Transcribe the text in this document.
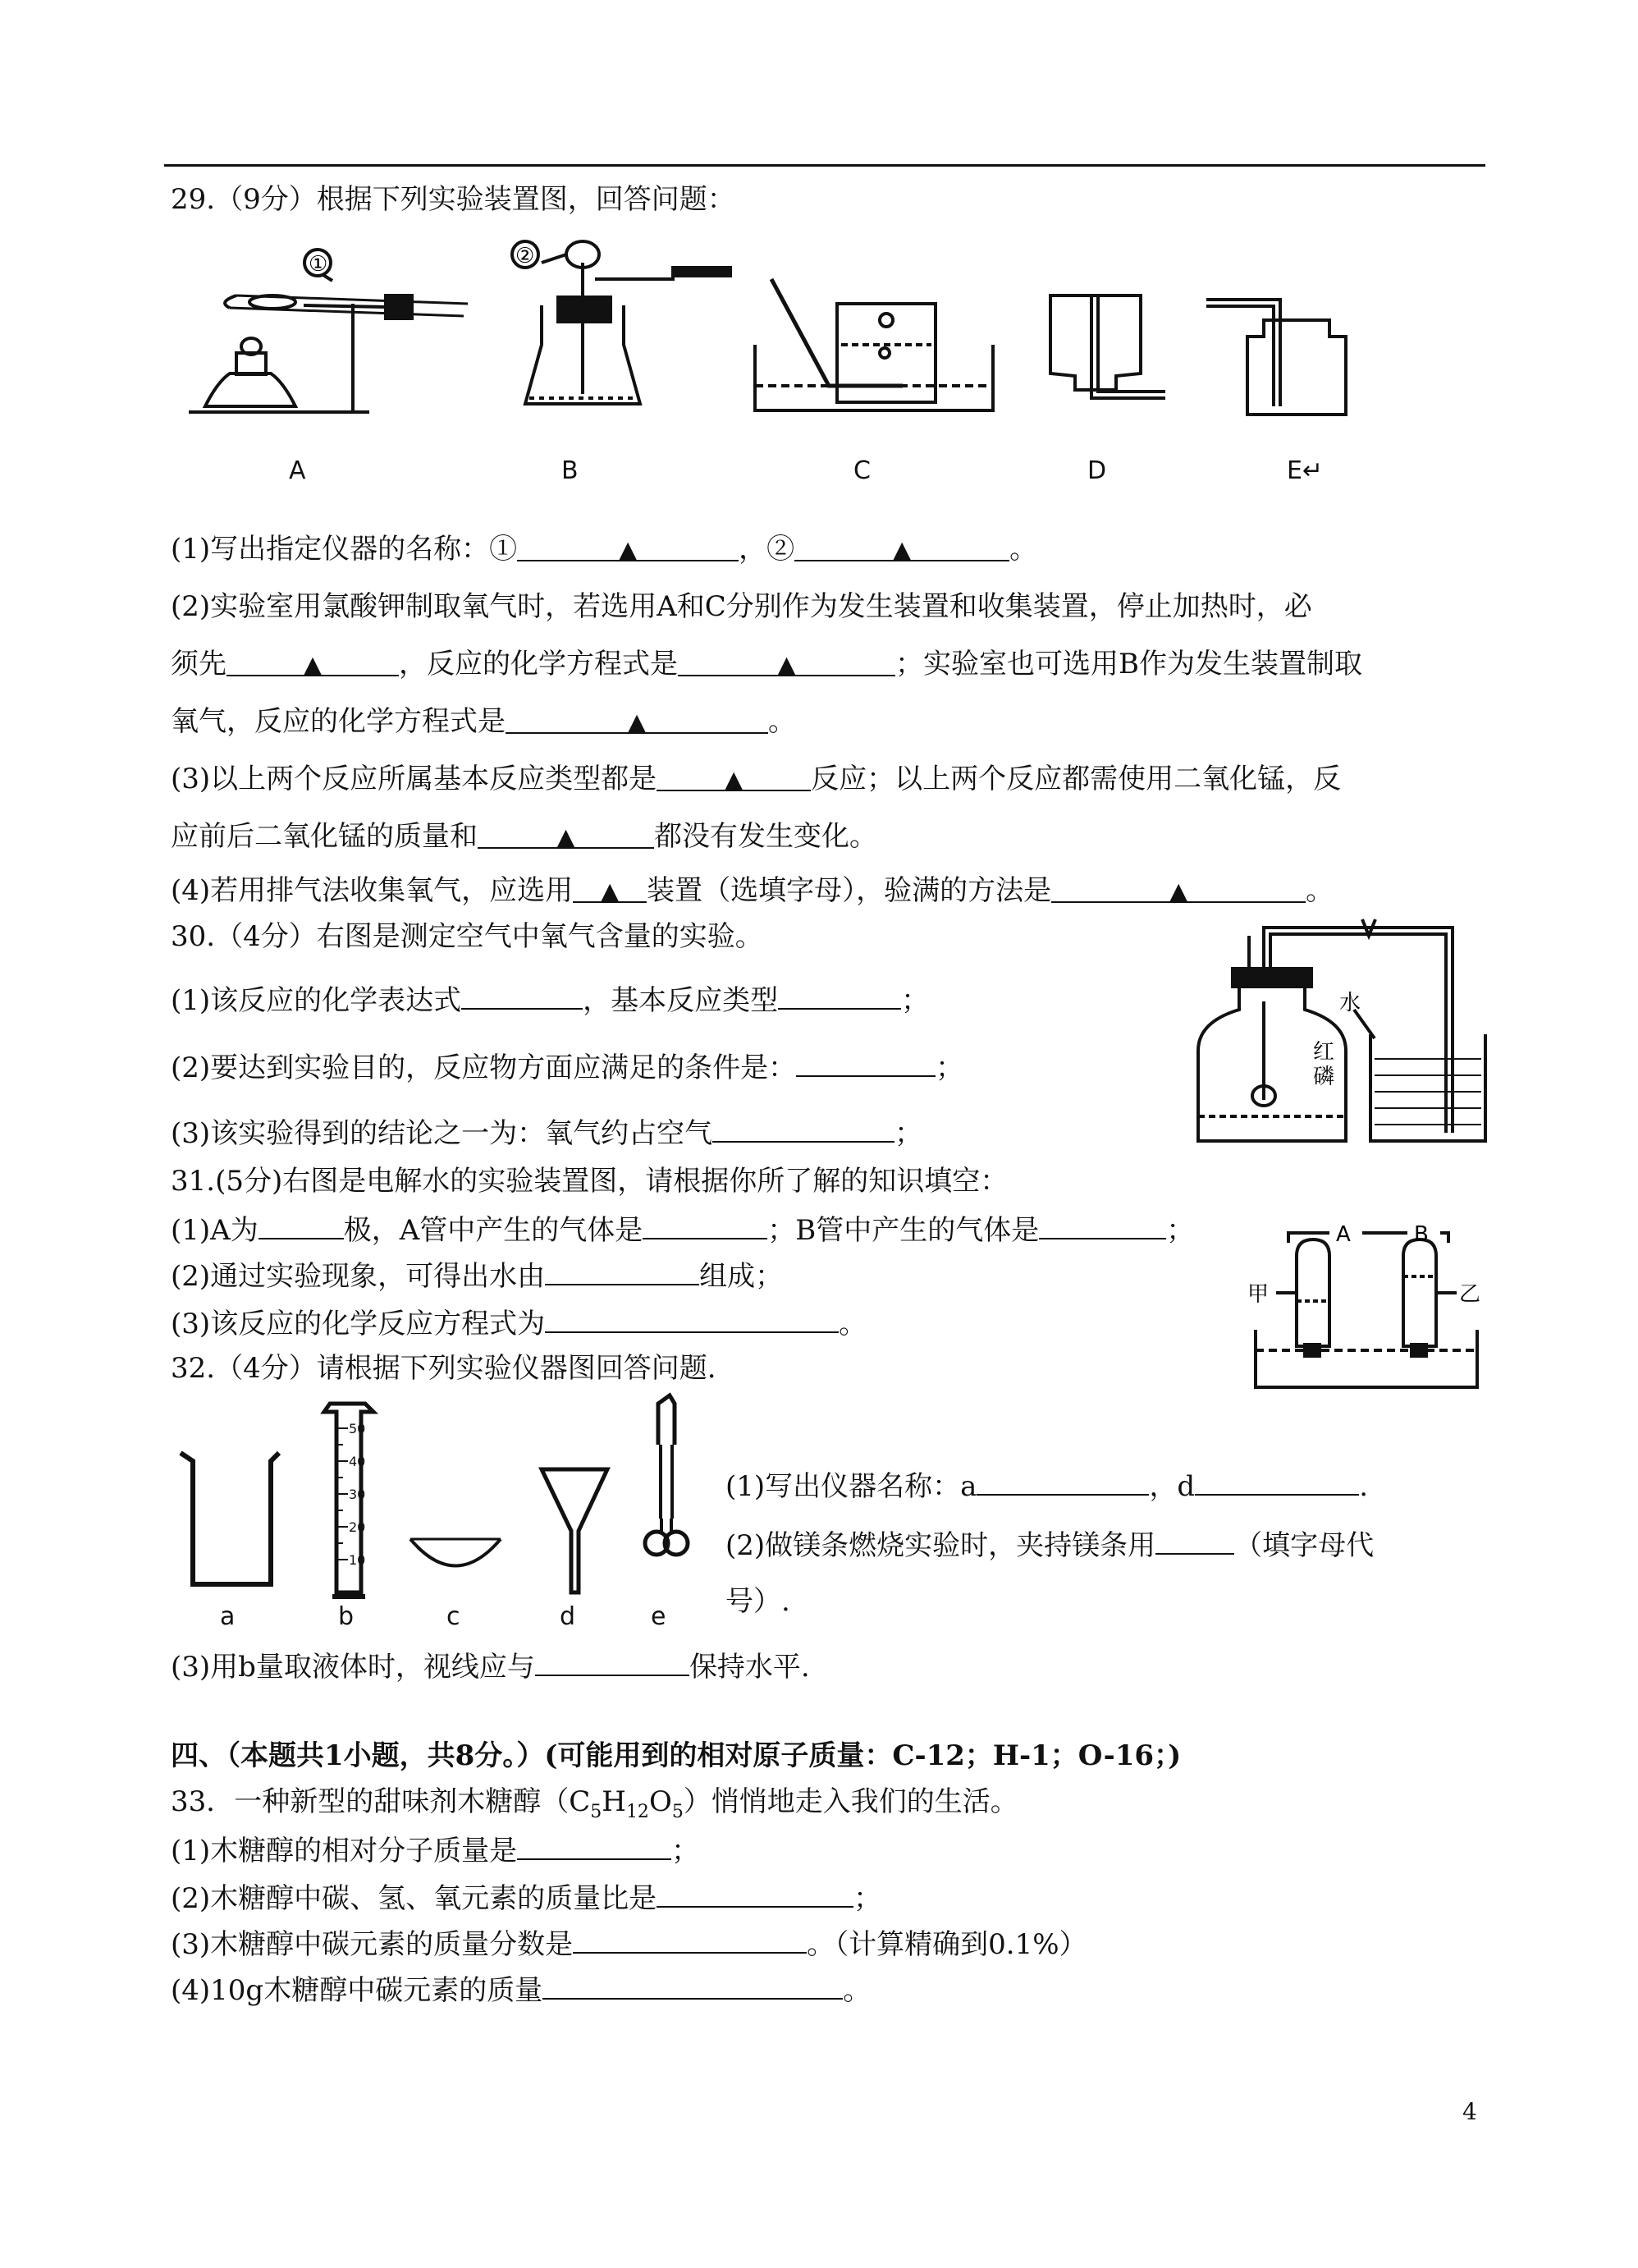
29.（9分）根据下列实验装置图，回答问题：
①	②
A	B	C	D	E↵
(1)写出指定仪器的名称：①	▲	，②	▲	。
(2)实验室用氯酸钾制取氧气时，若选用A和C分别作为发生装置和收集装置，停止加热时，必
须先	▲	，反应的化学方程式是	▲	；实验室也可选用B作为发生装置制取
氧气，反应的化学方程式是	▲	。
(3)以上两个反应所属基本反应类型都是	▲ 反应；以上两个反应都需使用二氧化锰，反
应前后二氧化锰的质量和	▲	都没有发生变化。
(4)若用排气法收集氧气，应选用 ▲ 装置（选填字母），验满的方法是	▲	。
30.（4分）右图是测定空气中氧气含量的实验。
(1)该反应的化学表达式	，基本反应类型	；
(2)要达到实验目的，反应物方面应满足的条件是：	；
(3)该实验得到的结论之一为：氧气约占空气	；
水
红
磷
31.(5分)右图是电解水的实验装置图，请根据你所了解的知识填空：
(1)A为	极，A管中产生的气体是	；B管中产生的气体是	；
(2)通过实验现象，可得出水由	组成；
(3)该反应的化学反应方程式为	。
A	B
甲	乙
32.（4分）请根据下列实验仪器图回答问题.
50
40
30
20
10
a	b	c	d	e
(1)写出仪器名称：a	，d	.
(2)做镁条燃烧实验时，夹持镁条用	（填字母代
号）.
(3)用b量取液体时，视线应与	保持水平.
四、（本题共1小题，共8分。）(可能用到的相对原子质量：C-12；H-1；O-16；)
33．一种新型的甜味剂木糖醇$(C_5H_{12}O_5)$悄悄地走入我们的生活。
(1)木糖醇的相对分子质量是	；
(2)木糖醇中碳、氢、氧元素的质量比是	；
(3)木糖醇中碳元素的质量分数是	。（计算精确到0.1%）
(4)10g木糖醇中碳元素的质量	。
4
